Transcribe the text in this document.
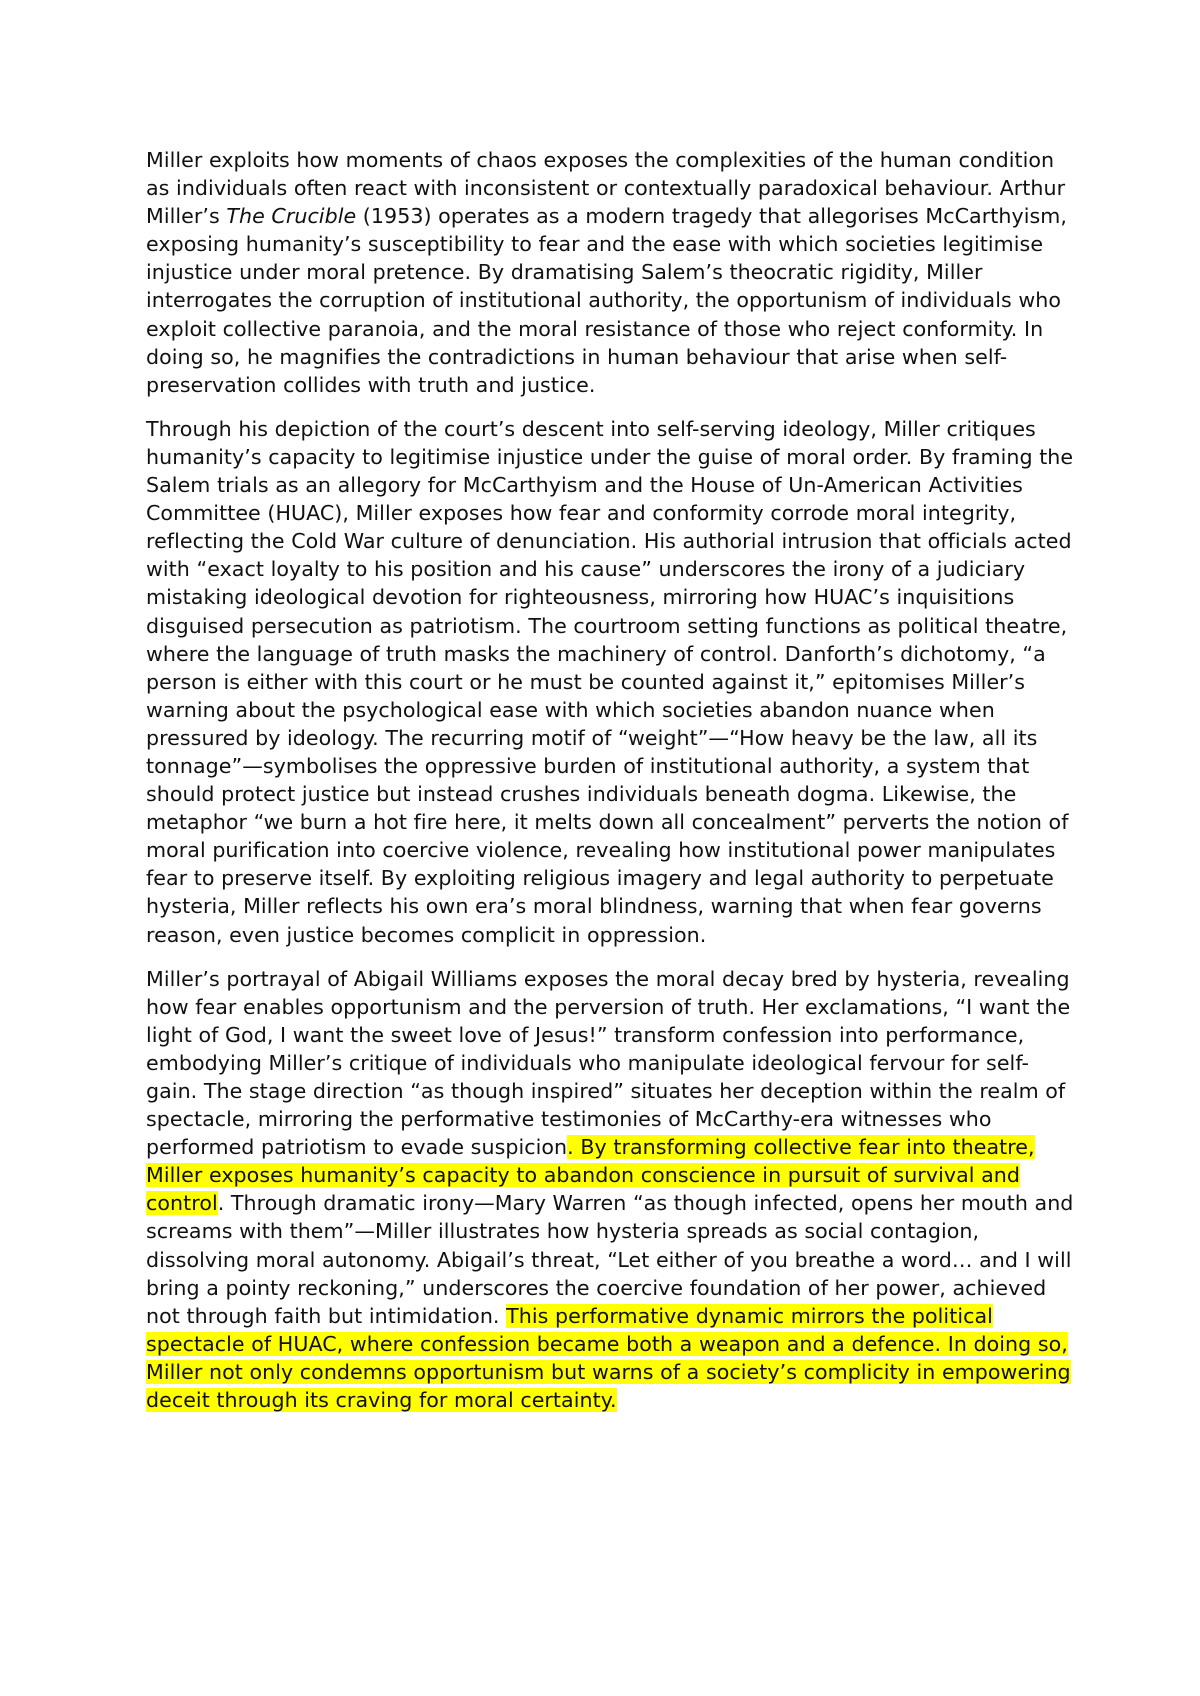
Miller exploits how moments of chaos exposes the complexities of the human condition as individuals often react with inconsistent or contextually paradoxical behaviour. Arthur Miller’s The Crucible (1953) operates as a modern tragedy that allegorises McCarthyism, exposing humanity’s susceptibility to fear and the ease with which societies legitimise injustice under moral pretence. By dramatising Salem’s theocratic rigidity, Miller interrogates the corruption of institutional authority, the opportunism of individuals who exploit collective paranoia, and the moral resistance of those who reject conformity. In doing so, he magnifies the contradictions in human behaviour that arise when self-preservation collides with truth and justice.

Through his depiction of the court’s descent into self-serving ideology, Miller critiques humanity’s capacity to legitimise injustice under the guise of moral order. By framing the Salem trials as an allegory for McCarthyism and the House of Un-American Activities Committee (HUAC), Miller exposes how fear and conformity corrode moral integrity, reflecting the Cold War culture of denunciation. His authorial intrusion that officials acted with “exact loyalty to his position and his cause” underscores the irony of a judiciary mistaking ideological devotion for righteousness, mirroring how HUAC’s inquisitions disguised persecution as patriotism. The courtroom setting functions as political theatre, where the language of truth masks the machinery of control. Danforth’s dichotomy, “a person is either with this court or he must be counted against it,” epitomises Miller’s warning about the psychological ease with which societies abandon nuance when pressured by ideology. The recurring motif of “weight”—“How heavy be the law, all its tonnage”—symbolises the oppressive burden of institutional authority, a system that should protect justice but instead crushes individuals beneath dogma. Likewise, the metaphor “we burn a hot fire here, it melts down all concealment” perverts the notion of moral purification into coercive violence, revealing how institutional power manipulates fear to preserve itself. By exploiting religious imagery and legal authority to perpetuate hysteria, Miller reflects his own era’s moral blindness, warning that when fear governs reason, even justice becomes complicit in oppression.

Miller’s portrayal of Abigail Williams exposes the moral decay bred by hysteria, revealing how fear enables opportunism and the perversion of truth. Her exclamations, “I want the light of God, I want the sweet love of Jesus!” transform confession into performance, embodying Miller’s critique of individuals who manipulate ideological fervour for self-gain. The stage direction “as though inspired” situates her deception within the realm of spectacle, mirroring the performative testimonies of McCarthy-era witnesses who performed patriotism to evade suspicion. By transforming collective fear into theatre, Miller exposes humanity’s capacity to abandon conscience in pursuit of survival and control. Through dramatic irony—Mary Warren “as though infected, opens her mouth and screams with them”—Miller illustrates how hysteria spreads as social contagion, dissolving moral autonomy. Abigail’s threat, “Let either of you breathe a word… and I will bring a pointy reckoning,” underscores the coercive foundation of her power, achieved not through faith but intimidation. This performative dynamic mirrors the political spectacle of HUAC, where confession became both a weapon and a defence. In doing so, Miller not only condemns opportunism but warns of a society’s complicity in empowering deceit through its craving for moral certainty.
